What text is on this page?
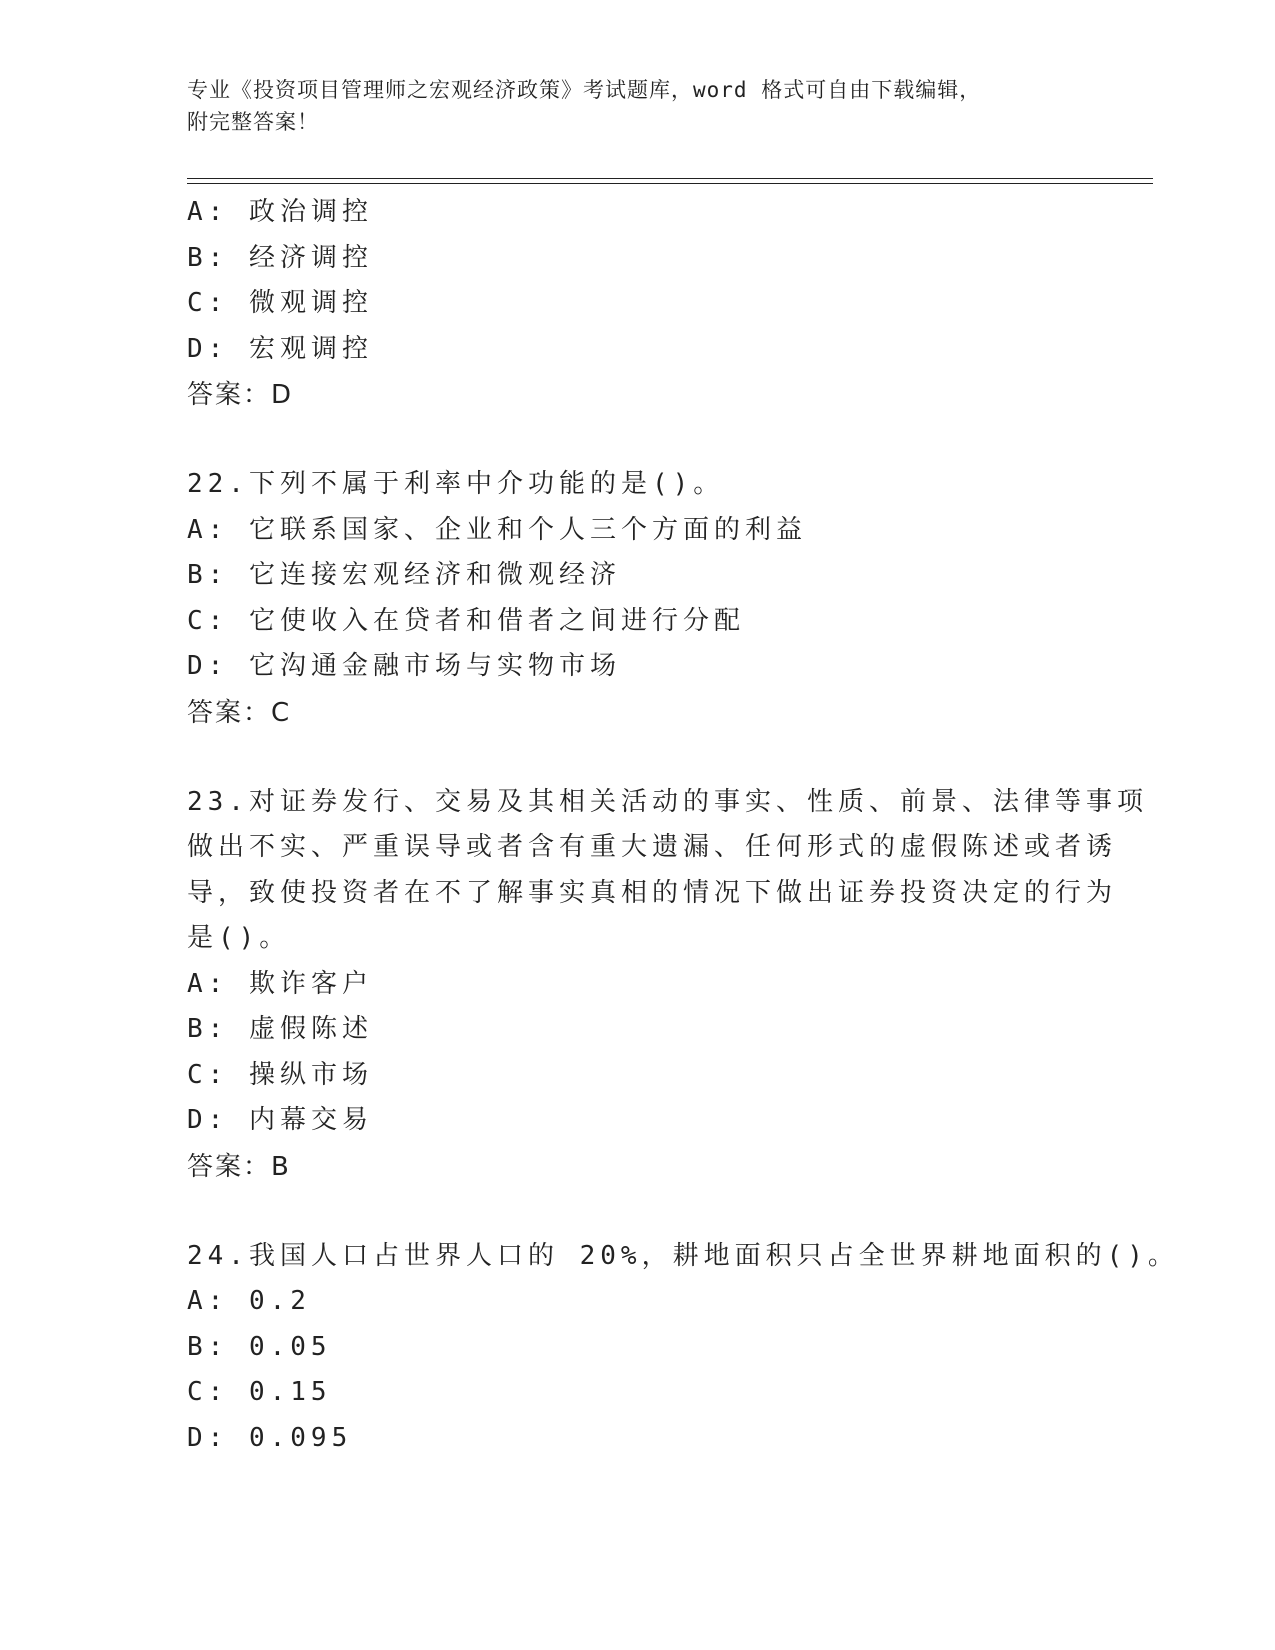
专业《投资项目管理师之宏观经济政策》考试题库，word 格式可自由下载编辑，
附完整答案！
A: 政治调控
B: 经济调控
C: 微观调控
D: 宏观调控
答案：D
22.下列不属于利率中介功能的是()。
A: 它联系国家、企业和个人三个方面的利益
B: 它连接宏观经济和微观经济
C: 它使收入在贷者和借者之间进行分配
D: 它沟通金融市场与实物市场
答案：C
23.对证券发行、交易及其相关活动的事实、性质、前景、法律等事项
做出不实、严重误导或者含有重大遗漏、任何形式的虚假陈述或者诱
导，致使投资者在不了解事实真相的情况下做出证券投资决定的行为
是()。
A: 欺诈客户
B: 虚假陈述
C: 操纵市场
D: 内幕交易
答案：B
24.我国人口占世界人口的 20%，耕地面积只占全世界耕地面积的()。
A: 0.2
B: 0.05
C: 0.15
D: 0.095
